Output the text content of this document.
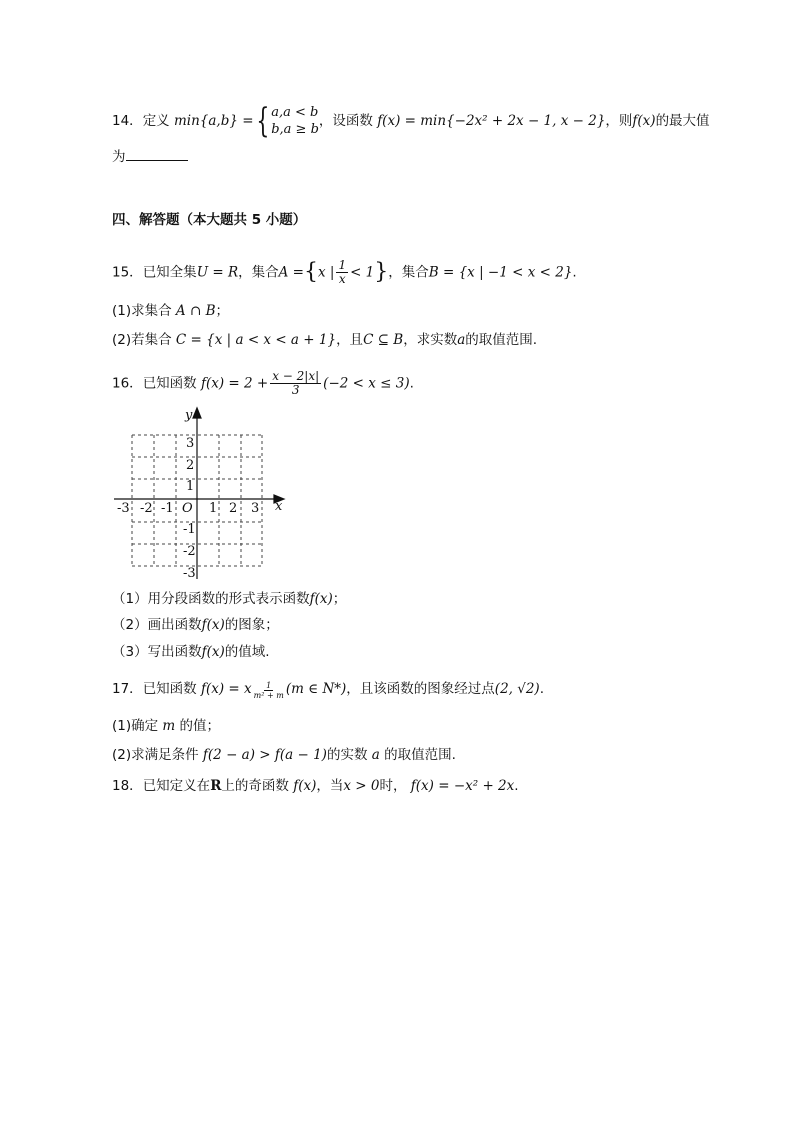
14．定义 min{a,b} ={ a,a < b
b,a ≥ b
，设函数 f(x) = min{−2x² + 2x − 1, x − 2}，则f(x)的最大值
为
四、解答题（本大题共 5 小题）
15．已知全集U = R，集合A ={x | $\frac{1}{x} < 1$}，集合B = {x | −1 < x < 2}.
(1)求集合 A ∩ B；
(2)若集合 C = {x | a < x < a + 1}，且C ⊆ B，求实数a的取值范围.
16．已知函数 $f(x) = 2 + \frac{x - 2|x|}{3} (-2 < x \le 3)$.
x
y
O
-3 -2 -1	1 2 3
3
2
1
-1
-2
-3
（1）用分段函数的形式表示函数f(x)；
（2）画出函数f(x)的图象；
（3）写出函数f(x)的值域.
17．已知函数 f(x) = x $\frac{1}{\text{m² + m}} (m$ ∈ N*)，且该函数的图象经过点(2, √2).
(1)确定 m 的值；
(2)求满足条件 f(2 − a) > f(a − 1)的实数 a 的取值范围.
18．已知定义在R上的奇函数 f(x)，当x > 0时， f(x) = −x² + 2x.
